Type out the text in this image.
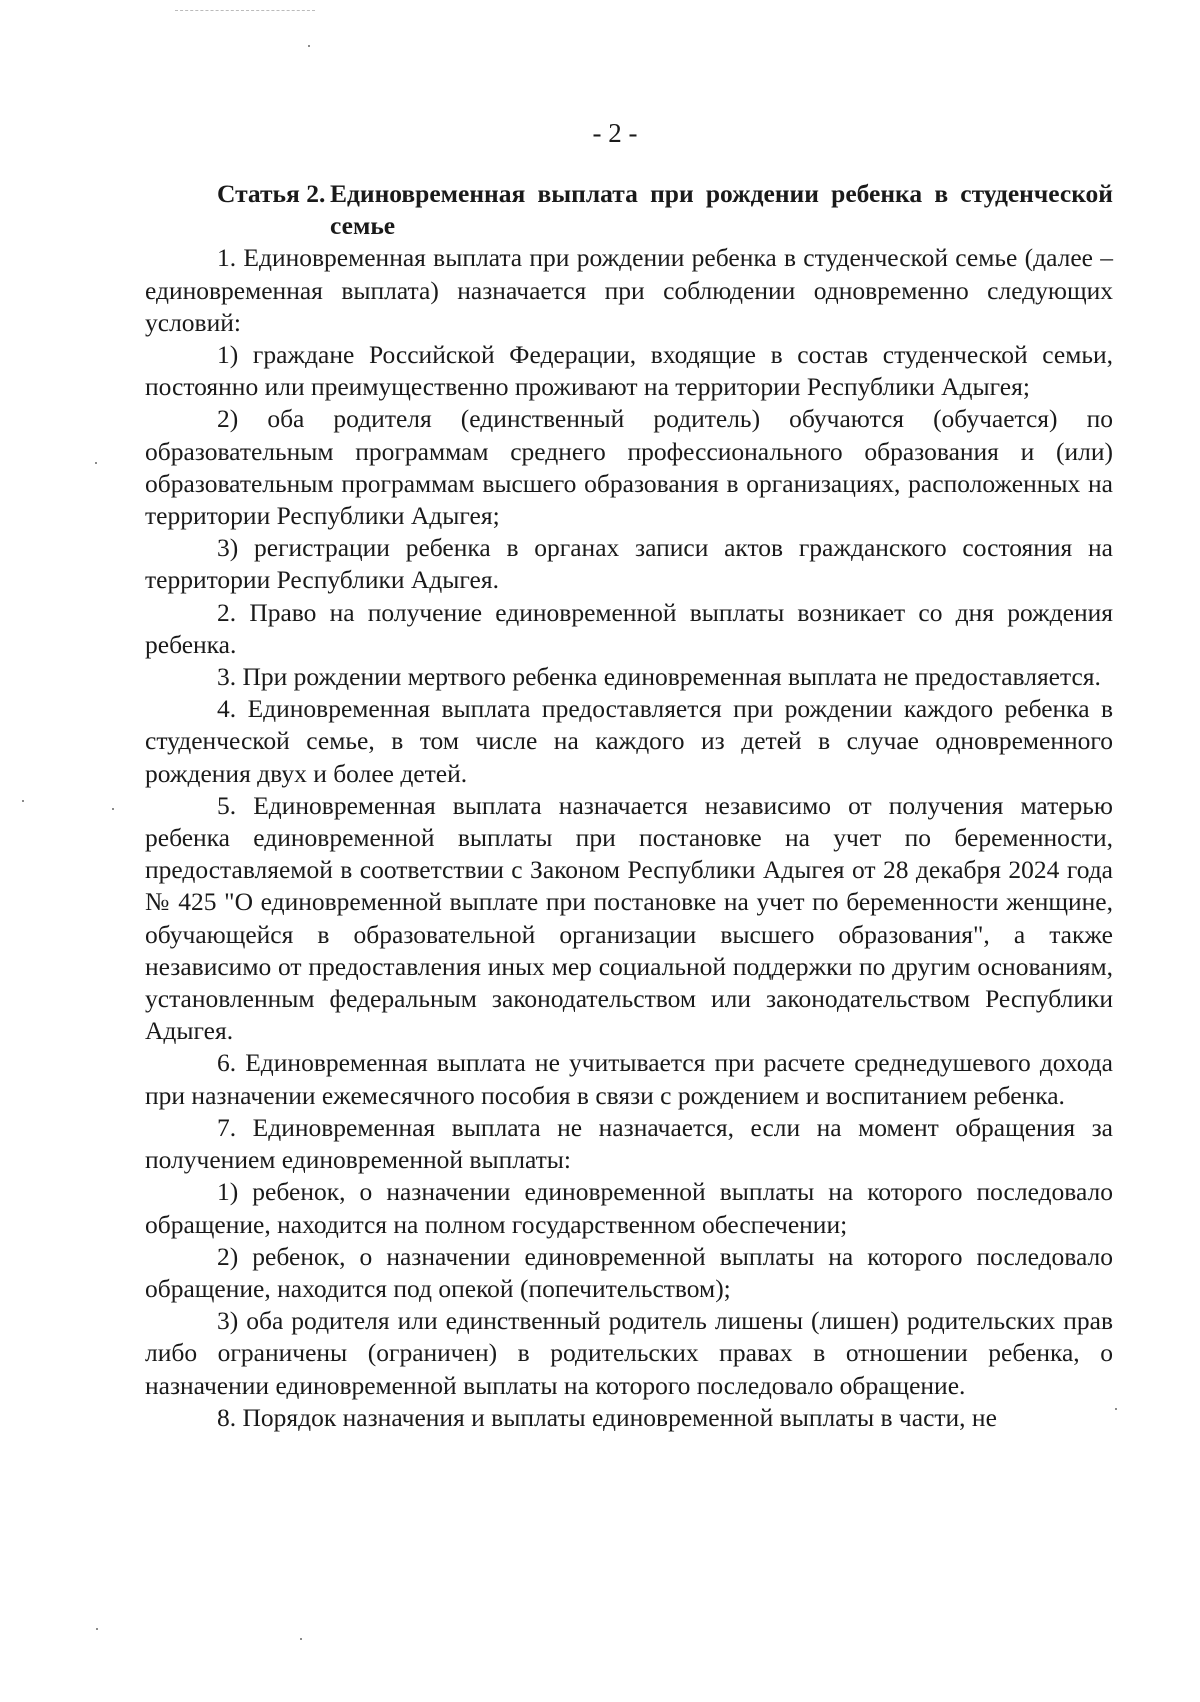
- 2 -
Статья 2. Единовременная выплата при рождении ребенка в студенческой семье

1. Единовременная выплата при рождении ребенка в студенческой семье (далее – единовременная выплата) назначается при соблюдении одновременно следующих условий:

1) граждане Российской Федерации, входящие в состав студенческой семьи, постоянно или преимущественно проживают на территории Республики Адыгея;

2) оба родителя (единственный родитель) обучаются (обучается) по образовательным программам среднего профессионального образования и (или) образовательным программам высшего образования в организациях, расположенных на территории Республики Адыгея;

3) регистрации ребенка в органах записи актов гражданского состояния на территории Республики Адыгея.

2. Право на получение единовременной выплаты возникает со дня рождения ребенка.

3. При рождении мертвого ребенка единовременная выплата не предоставляется.

4. Единовременная выплата предоставляется при рождении каждого ребенка в студенческой семье, в том числе на каждого из детей в случае одновременного рождения двух и более детей.

5. Единовременная выплата назначается независимо от получения матерью ребенка единовременной выплаты при постановке на учет по беременности, предоставляемой в соответствии с Законом Республики Адыгея от 28 декабря 2024 года № 425 "О единовременной выплате при постановке на учет по беременности женщине, обучающейся в образовательной организации высшего образования", а также независимо от предоставления иных мер социальной поддержки по другим основаниям, установленным федеральным законодательством или законодательством Республики Адыгея.

6. Единовременная выплата не учитывается при расчете среднедушевого дохода при назначении ежемесячного пособия в связи с рождением и воспитанием ребенка.

7. Единовременная выплата не назначается, если на момент обращения за получением единовременной выплаты:

1) ребенок, о назначении единовременной выплаты на которого последовало обращение, находится на полном государственном обеспечении;

2) ребенок, о назначении единовременной выплаты на которого последовало обращение, находится под опекой (попечительством);

3) оба родителя или единственный родитель лишены (лишен) родительских прав либо ограничены (ограничен) в родительских правах в отношении ребенка, о назначении единовременной выплаты на которого последовало обращение.

8. Порядок назначения и выплаты единовременной выплаты в части, не
